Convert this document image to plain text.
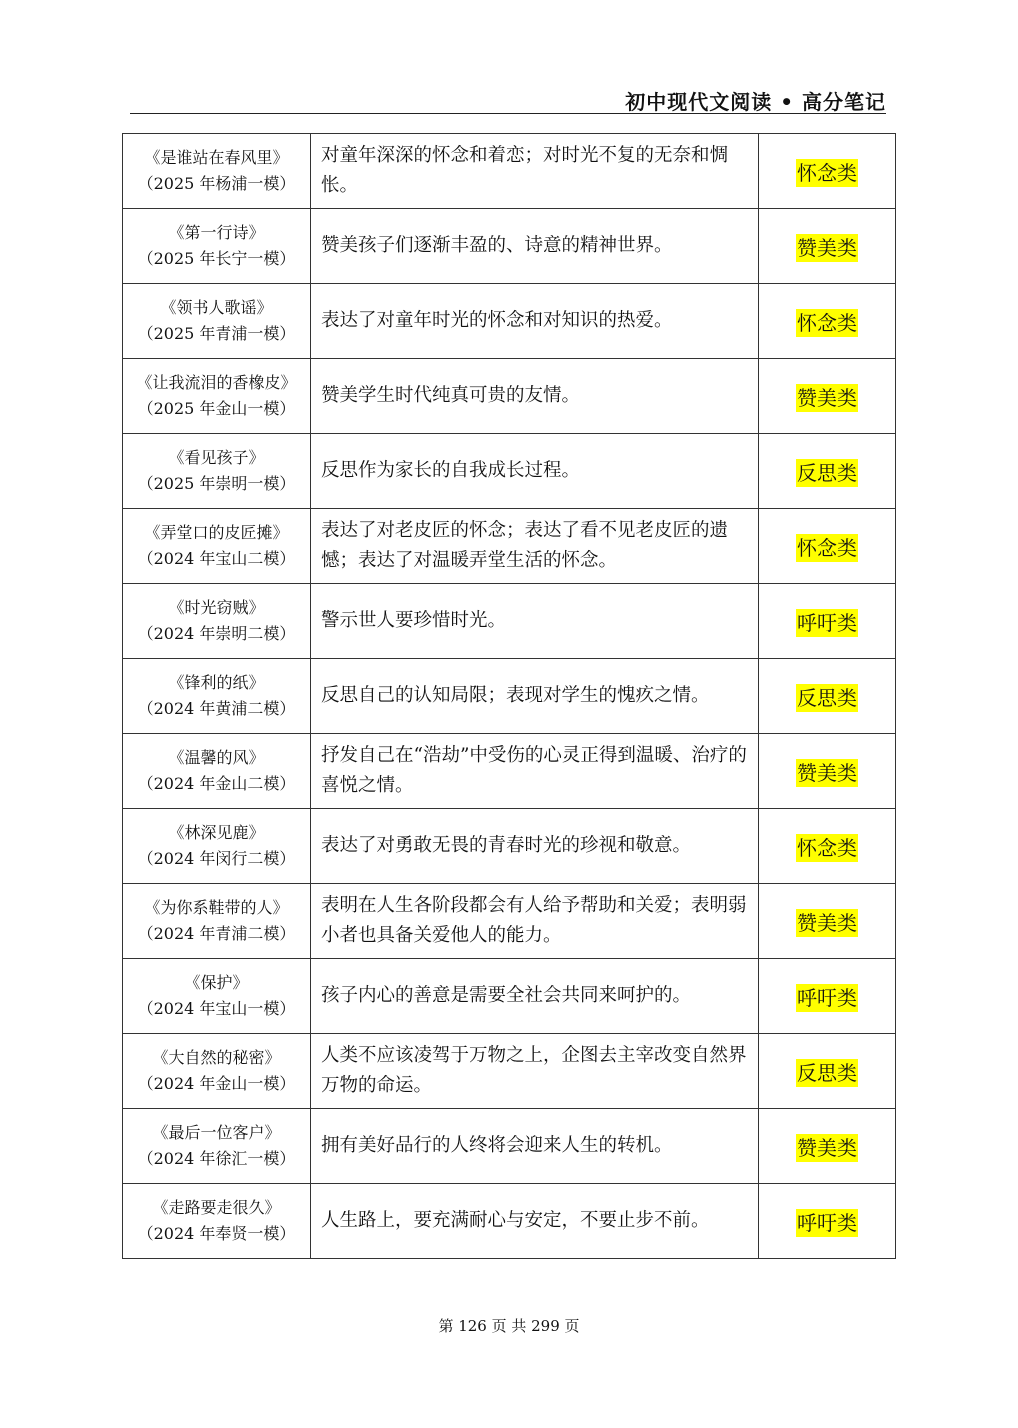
初中现代文阅读 • 高分笔记
《是谁站在春风里》
（2025 年杨浦一模）	对童年深深的怀念和着恋；对时光不复的无奈和惆怅。	怀念类

《第一行诗》
（2025 年长宁一模）	赞美孩子们逐渐丰盈的、诗意的精神世界。	赞美类

《领书人歌谣》
（2025 年青浦一模）	表达了对童年时光的怀念和对知识的热爱。	怀念类

《让我流泪的香橡皮》
（2025 年金山一模）	赞美学生时代纯真可贵的友情。	赞美类

《看见孩子》
（2025 年崇明一模）	反思作为家长的自我成长过程。	反思类

《弄堂口的皮匠摊》
（2024 年宝山二模）	表达了对老皮匠的怀念；表达了看不见老皮匠的遗憾；表达了对温暖弄堂生活的怀念。	怀念类

《时光窃贼》
（2024 年崇明二模）	警示世人要珍惜时光。	呼吁类

《锋利的纸》
（2024 年黄浦二模）	反思自己的认知局限；表现对学生的愧疚之情。	反思类

《温馨的风》
（2024 年金山二模）	抒发自己在“浩劫”中受伤的心灵正得到温暖、治疗的喜悦之情。	赞美类

《林深见鹿》
（2024 年闵行二模）	表达了对勇敢无畏的青春时光的珍视和敬意。	怀念类

《为你系鞋带的人》
（2024 年青浦二模）	表明在人生各阶段都会有人给予帮助和关爱；表明弱小者也具备关爱他人的能力。	赞美类

《保护》
（2024 年宝山一模）	孩子内心的善意是需要全社会共同来呵护的。	呼吁类

《大自然的秘密》
（2024 年金山一模）	人类不应该凌驾于万物之上，企图去主宰改变自然界万物的命运。	反思类

《最后一位客户》
（2024 年徐汇一模）	拥有美好品行的人终将会迎来人生的转机。	赞美类

《走路要走很久》
（2024 年奉贤一模）	人生路上，要充满耐心与安定，不要止步不前。	呼吁类
第 126 页 共 299 页
